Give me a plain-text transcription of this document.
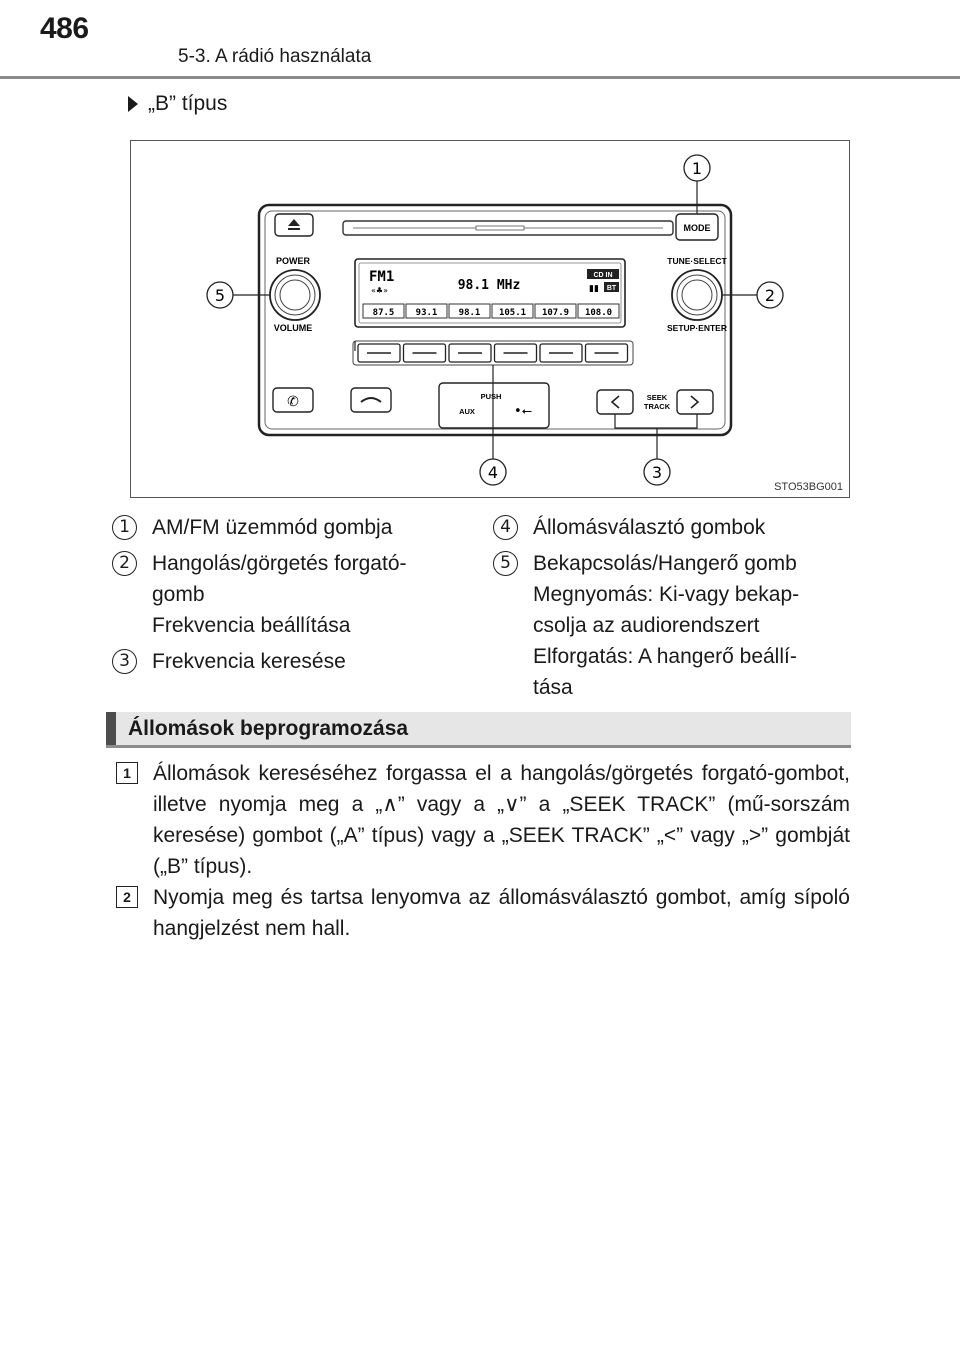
486
5-3. A rádió használata
„B” típus
MODE
POWER
VOLUME
TUNE·SELECT
SETUP·ENTER
FM1
«♣»	98.1 MHz
CD IN
▮▮ BT
87.5 93.1 98.1 105.1 107.9 108.0
✆	PUSH
AUX	•⭠
SEEK
TRACK
1
2
3
4
5
STO53BG001
1	AM/FM üzemmód gombja
2	Hangolás/görgetés forgató-
gomb
Frekvencia beállítása
3	Frekvencia keresése
4	Állomásválasztó gombok
5	Bekapcsolás/Hangerő gomb
Megnyomás: Ki-vagy bekap-
csolja az audiorendszert
Elforgatás: A hangerő beállí-
tása
Állomások beprogramozása
1	Állomások kereséséhez forgassa el a hangolás/görgetés forgató-gombot, illetve nyomja meg a „∧” vagy a „∨” a „SEEK TRACK” (mű-sorszám keresése) gombot („A” típus) vagy a „SEEK TRACK” „<” vagy „>” gombját („B” típus).
2	Nyomja meg és tartsa lenyomva az állomásválasztó gombot, amíg sípoló hangjelzést nem hall.
